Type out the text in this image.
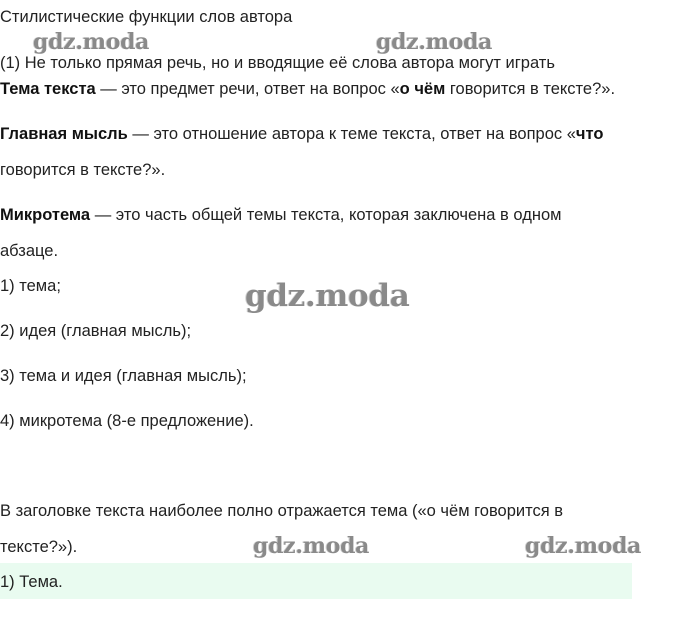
Стилистические функции слов автора
(1) Не только прямая речь, но и вводящие её слова автора могут играть
Тема текста — это предмет речи, ответ на вопрос «о чём говорится в тексте?».
Главная мысль — это отношение автора к теме текста, ответ на вопрос «что
говорится в тексте?».
Микротема — это часть общей темы текста, которая заключена в одном
абзаце.
1) тема;
2) идея (главная мысль);
3) тема и идея (главная мысль);
4) микротема (8-е предложение).
В заголовке текста наиболее полно отражается тема («о чём говорится в
тексте?»).
1) Тема.
gdz.moda	gdz.moda
gdz.moda
gdz.moda	gdz.moda
